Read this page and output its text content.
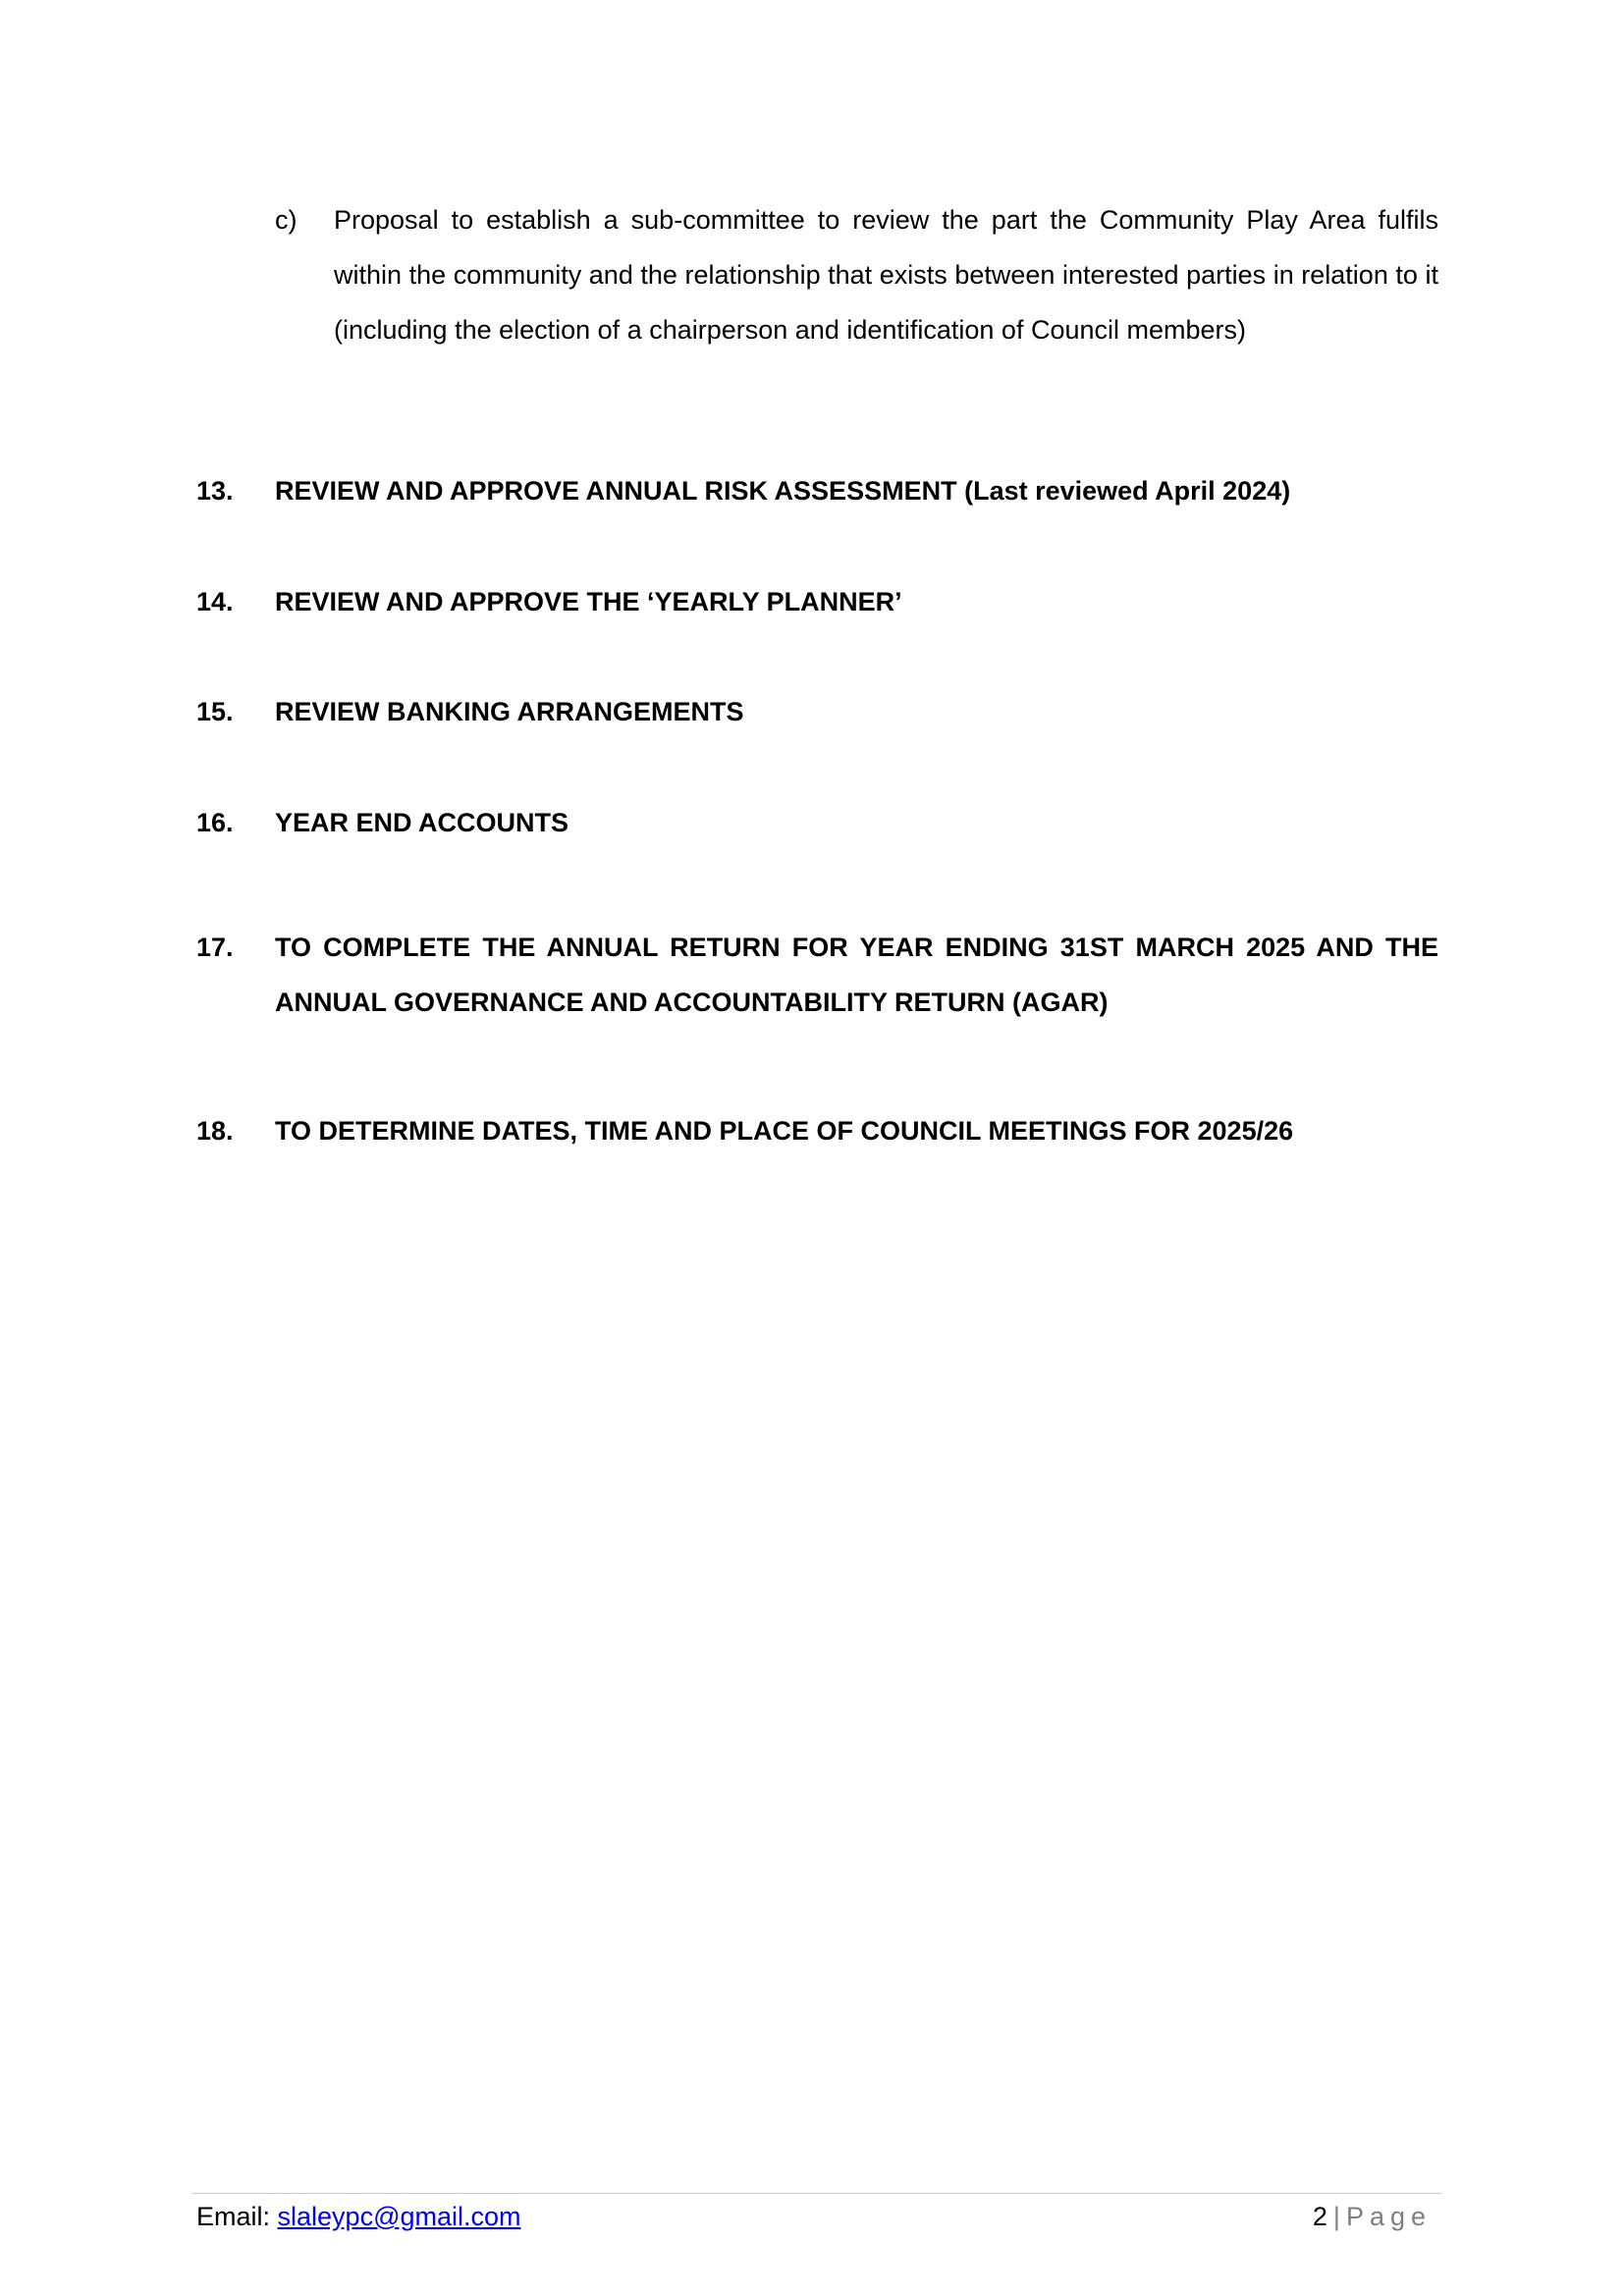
c) Proposal to establish a sub-committee to review the part the Community Play Area fulfils within the community and the relationship that exists between interested parties in relation to it (including the election of a chairperson and identification of Council members)
13. REVIEW AND APPROVE ANNUAL RISK ASSESSMENT (Last reviewed April 2024)
14. REVIEW AND APPROVE THE ‘YEARLY PLANNER’
15. REVIEW BANKING ARRANGEMENTS
16. YEAR END ACCOUNTS
17. TO COMPLETE THE ANNUAL RETURN FOR YEAR ENDING 31ST MARCH 2025 AND THE ANNUAL GOVERNANCE AND ACCOUNTABILITY RETURN (AGAR)
18. TO DETERMINE DATES, TIME AND PLACE OF COUNCIL MEETINGS FOR 2025/26
Email: slaleypc@gmail.com	2 | Page
